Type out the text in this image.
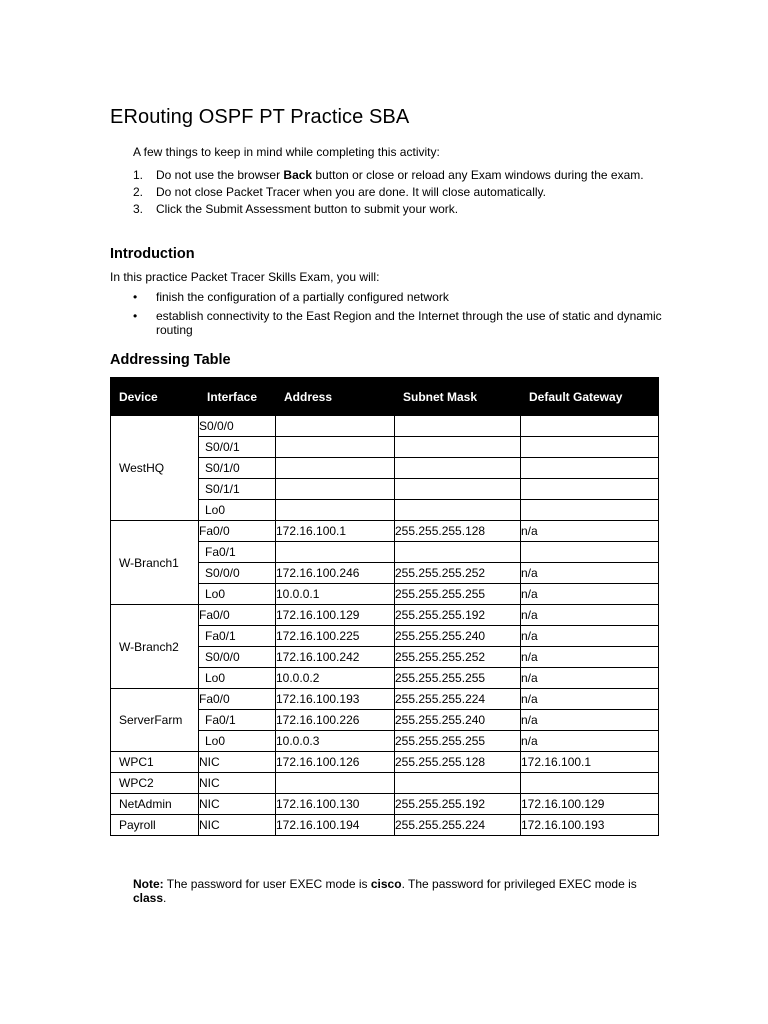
ERouting OSPF PT Practice SBA

A few things to keep in mind while completing this activity:

1. Do not use the browser Back button or close or reload any Exam windows during the exam.
2. Do not close Packet Tracer when you are done. It will close automatically.
3. Click the Submit Assessment button to submit your work.
Introduction

In this practice Packet Tracer Skills Exam, you will:

• finish the configuration of a partially configured network
• establish connectivity to the East Region and the Internet through the use of static and dynamic routing
Addressing Table
Device	Interface	Address	Subnet Mask	Default Gateway
WestHQ	S0/0/0			
	S0/0/1			
	S0/1/0			
	S0/1/1			
	Lo0			
W-Branch1	Fa0/0	172.16.100.1	255.255.255.128	n/a
	Fa0/1			
	S0/0/0	172.16.100.246	255.255.255.252	n/a
	Lo0	10.0.0.1	255.255.255.255	n/a
W-Branch2	Fa0/0	172.16.100.129	255.255.255.192	n/a
	Fa0/1	172.16.100.225	255.255.255.240	n/a
	S0/0/0	172.16.100.242	255.255.255.252	n/a
	Lo0	10.0.0.2	255.255.255.255	n/a
ServerFarm	Fa0/0	172.16.100.193	255.255.255.224	n/a
	Fa0/1	172.16.100.226	255.255.255.240	n/a
	Lo0	10.0.0.3	255.255.255.255	n/a
WPC1	NIC	172.16.100.126	255.255.255.128	172.16.100.1
WPC2	NIC			
NetAdmin	NIC	172.16.100.130	255.255.255.192	172.16.100.129
Payroll	NIC	172.16.100.194	255.255.255.224	172.16.100.193

Note: The password for user EXEC mode is cisco. The password for privileged EXEC mode is class.
